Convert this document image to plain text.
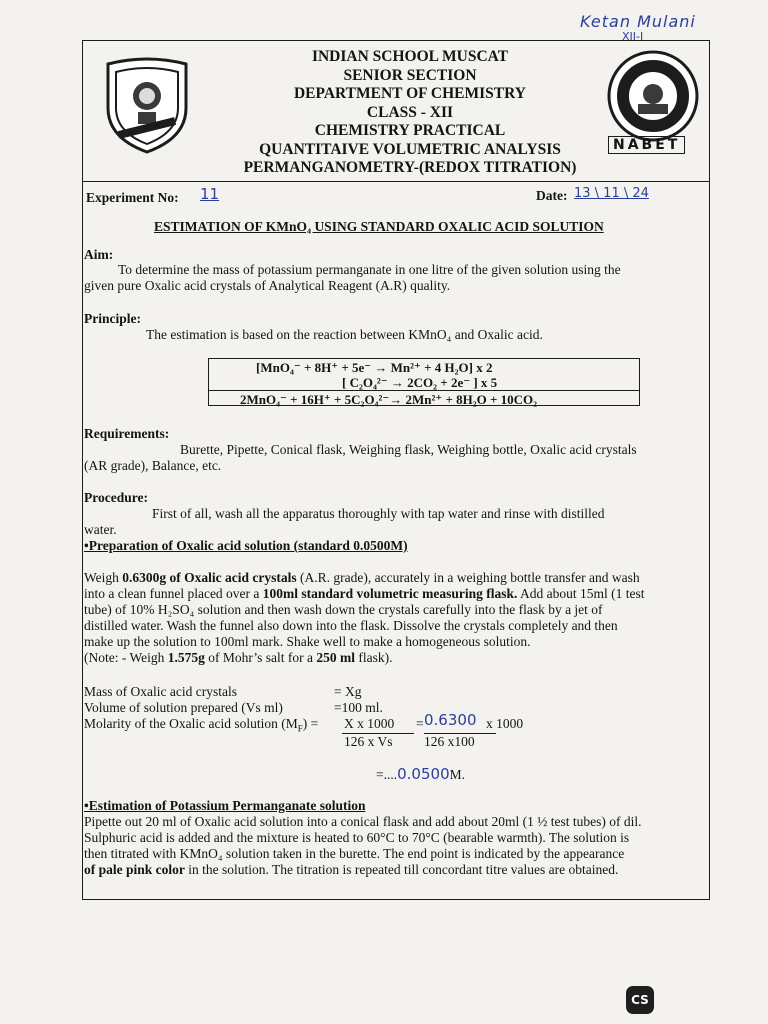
Ketan Mulani
XII-I
INDIAN SCHOOL MUSCAT
SENIOR SECTION
DEPARTMENT OF CHEMISTRY
CLASS - XII
CHEMISTRY PRACTICAL
QUANTITAIVE VOLUMETRIC ANALYSIS
PERMANGANOMETRY-(REDOX TITRATION)
NABET
Experiment No: 11	Date: 13 \ 11 \ 24
ESTIMATION OF KMnO₄ USING STANDARD OXALIC ACID SOLUTION
Aim:
To determine the mass of potassium permanganate in one litre of the given solution using the
given pure Oxalic acid crystals of Analytical Reagent (A.R) quality.
Principle:
The estimation is based on the reaction between KMnO₄ and Oxalic acid.
[MnO₄⁻ + 8H⁺ + 5e⁻ → Mn²⁺ + 4 H₂O] x 2
[ C₂O₄²⁻ → 2CO₂ + 2e⁻ ] x 5
2MnO₄⁻ + 16H⁺ + 5C₂O₄²⁻→ 2Mn²⁺ + 8H₂O + 10CO₂
Requirements:
Burette, Pipette, Conical flask, Weighing flask, Weighing bottle, Oxalic acid crystals
(AR grade), Balance, etc.
Procedure:
First of all, wash all the apparatus thoroughly with tap water and rinse with distilled
water.
•Preparation of Oxalic acid solution (standard 0.0500M)
Weigh 0.6300g of Oxalic acid crystals (A.R. grade), accurately in a weighing bottle transfer and wash
into a clean funnel placed over a 100ml standard volumetric measuring flask. Add about 15ml (1 test
tube) of 10% H₂SO₄ solution and then wash down the crystals carefully into the flask by a jet of
distilled water. Wash the funnel also down into the flask. Dissolve the crystals completely and then
make up the solution to 100ml mark. Shake well to make a homogeneous solution.
(Note: - Weigh 1.575g of Mohr’s salt for a 250 ml flask).
Mass of Oxalic acid crystals	= Xg
Volume of solution prepared (Vs ml)	=100 ml.
Molarity of the Oxalic acid solution $(M_F) = X$ x 1000
126 x Vs
= 0.6300 x 1000
126 x100
=....0.0500M.
•Estimation of Potassium Permanganate solution
Pipette out 20 ml of Oxalic acid solution into a conical flask and add about 20ml (1 ½ test tubes) of dil.
Sulphuric acid is added and the mixture is heated to 60°C to 70°C (bearable warmth). The solution is
then titrated with KMnO₄ solution taken in the burette. The end point is indicated by the appearance
of pale pink color in the solution. The titration is repeated till concordant titre values are obtained.
CS
